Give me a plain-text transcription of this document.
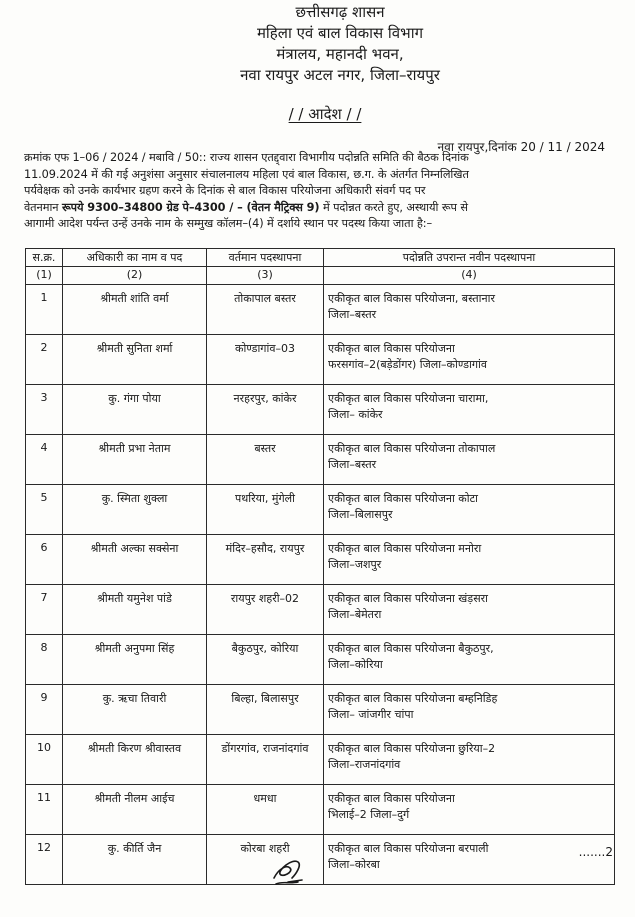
छत्तीसगढ़ शासन
महिला एवं बाल विकास विभाग
मंत्रालय, महानदी भवन,
नवा रायपुर अटल नगर, जिला–रायपुर
/ / आदेश / /
नवा रायपुर,दिनांक 20 / 11 / 2024
क्रमांक एफ 1–06 / 2024 / मबावि / 50:: राज्य शासन एतद्द्वारा विभागीय पदोन्नति समिति की बैठक दिनांक
11.09.2024 में की गई अनुशंसा अनुसार संचालनालय महिला एवं बाल विकास, छ.ग. के अंतर्गत निम्नलिखित
पर्यवेक्षक को उनके कार्यभार ग्रहण करने के दिनांक से बाल विकास परियोजना अधिकारी संवर्ग पद पर
वेतनमान रूपये 9300–34800 ग्रेड पे–4300 / – (वेतन मैट्रिक्स 9) में पदोन्नत करते हुए, अस्थायी रूप से
आगामी आदेश पर्यन्त उन्हें उनके नाम के सम्मुख कॉलम–(4) में दर्शाये स्थान पर पदस्थ किया जाता है:–
स.क्र.	अधिकारी का नाम व पद	वर्तमान पदस्थापना	पदोन्नति उपरान्त नवीन पदस्थापना
(1)	(2)	(3)	(4)
1	श्रीमती शांति वर्मा	तोकापाल बस्तर	एकीकृत बाल विकास परियोजना, बस्तानार
जिला–बस्तर

2	श्रीमती सुनिता शर्मा	कोण्डागांव–03	एकीकृत बाल विकास परियोजना
फरसगांव–2(बड़ेडोंगर) जिला–कोण्डागांव

3	कु. गंगा पोया	नरहरपुर, कांकेर	एकीकृत बाल विकास परियोजना चारामा,
जिला– कांकेर

4	श्रीमती प्रभा नेताम	बस्तर	एकीकृत बाल विकास परियोजना तोकापाल
जिला–बस्तर

5	कु. स्मिता शुक्ला	पथरिया, मुंगेली	एकीकृत बाल विकास परियोजना कोटा
जिला–बिलासपुर

6	श्रीमती अल्का सक्सेना	मंदिर–हसौद, रायपुर	एकीकृत बाल विकास परियोजना मनोरा
जिला–जशपुर

7	श्रीमती यमुनेश पांडे	रायपुर शहरी–02	एकीकृत बाल विकास परियोजना खंड़सरा
जिला–बेमेतरा

8	श्रीमती अनुपमा सिंह	बैकुठपुर, कोरिया	एकीकृत बाल विकास परियोजना बैकुठपुर,
जिला–कोरिया

9	कु. ऋचा तिवारी	बिल्हा, बिलासपुर	एकीकृत बाल विकास परियोजना बम्हनिडिह
जिला– जांजगीर चांपा

10	श्रीमती किरण श्रीवास्तव	डोंगरगांव, राजनांदगांव	एकीकृत बाल विकास परियोजना छुरिया–2
जिला–राजनांदगांव

11	श्रीमती नीलम आईच	धमधा	एकीकृत बाल विकास परियोजना
भिलाई–2 जिला–दुर्ग

12	कु. कीर्ति जैन	कोरबा शहरी	एकीकृत बाल विकास परियोजना बरपाली
जिला–कोरबा
.......2
